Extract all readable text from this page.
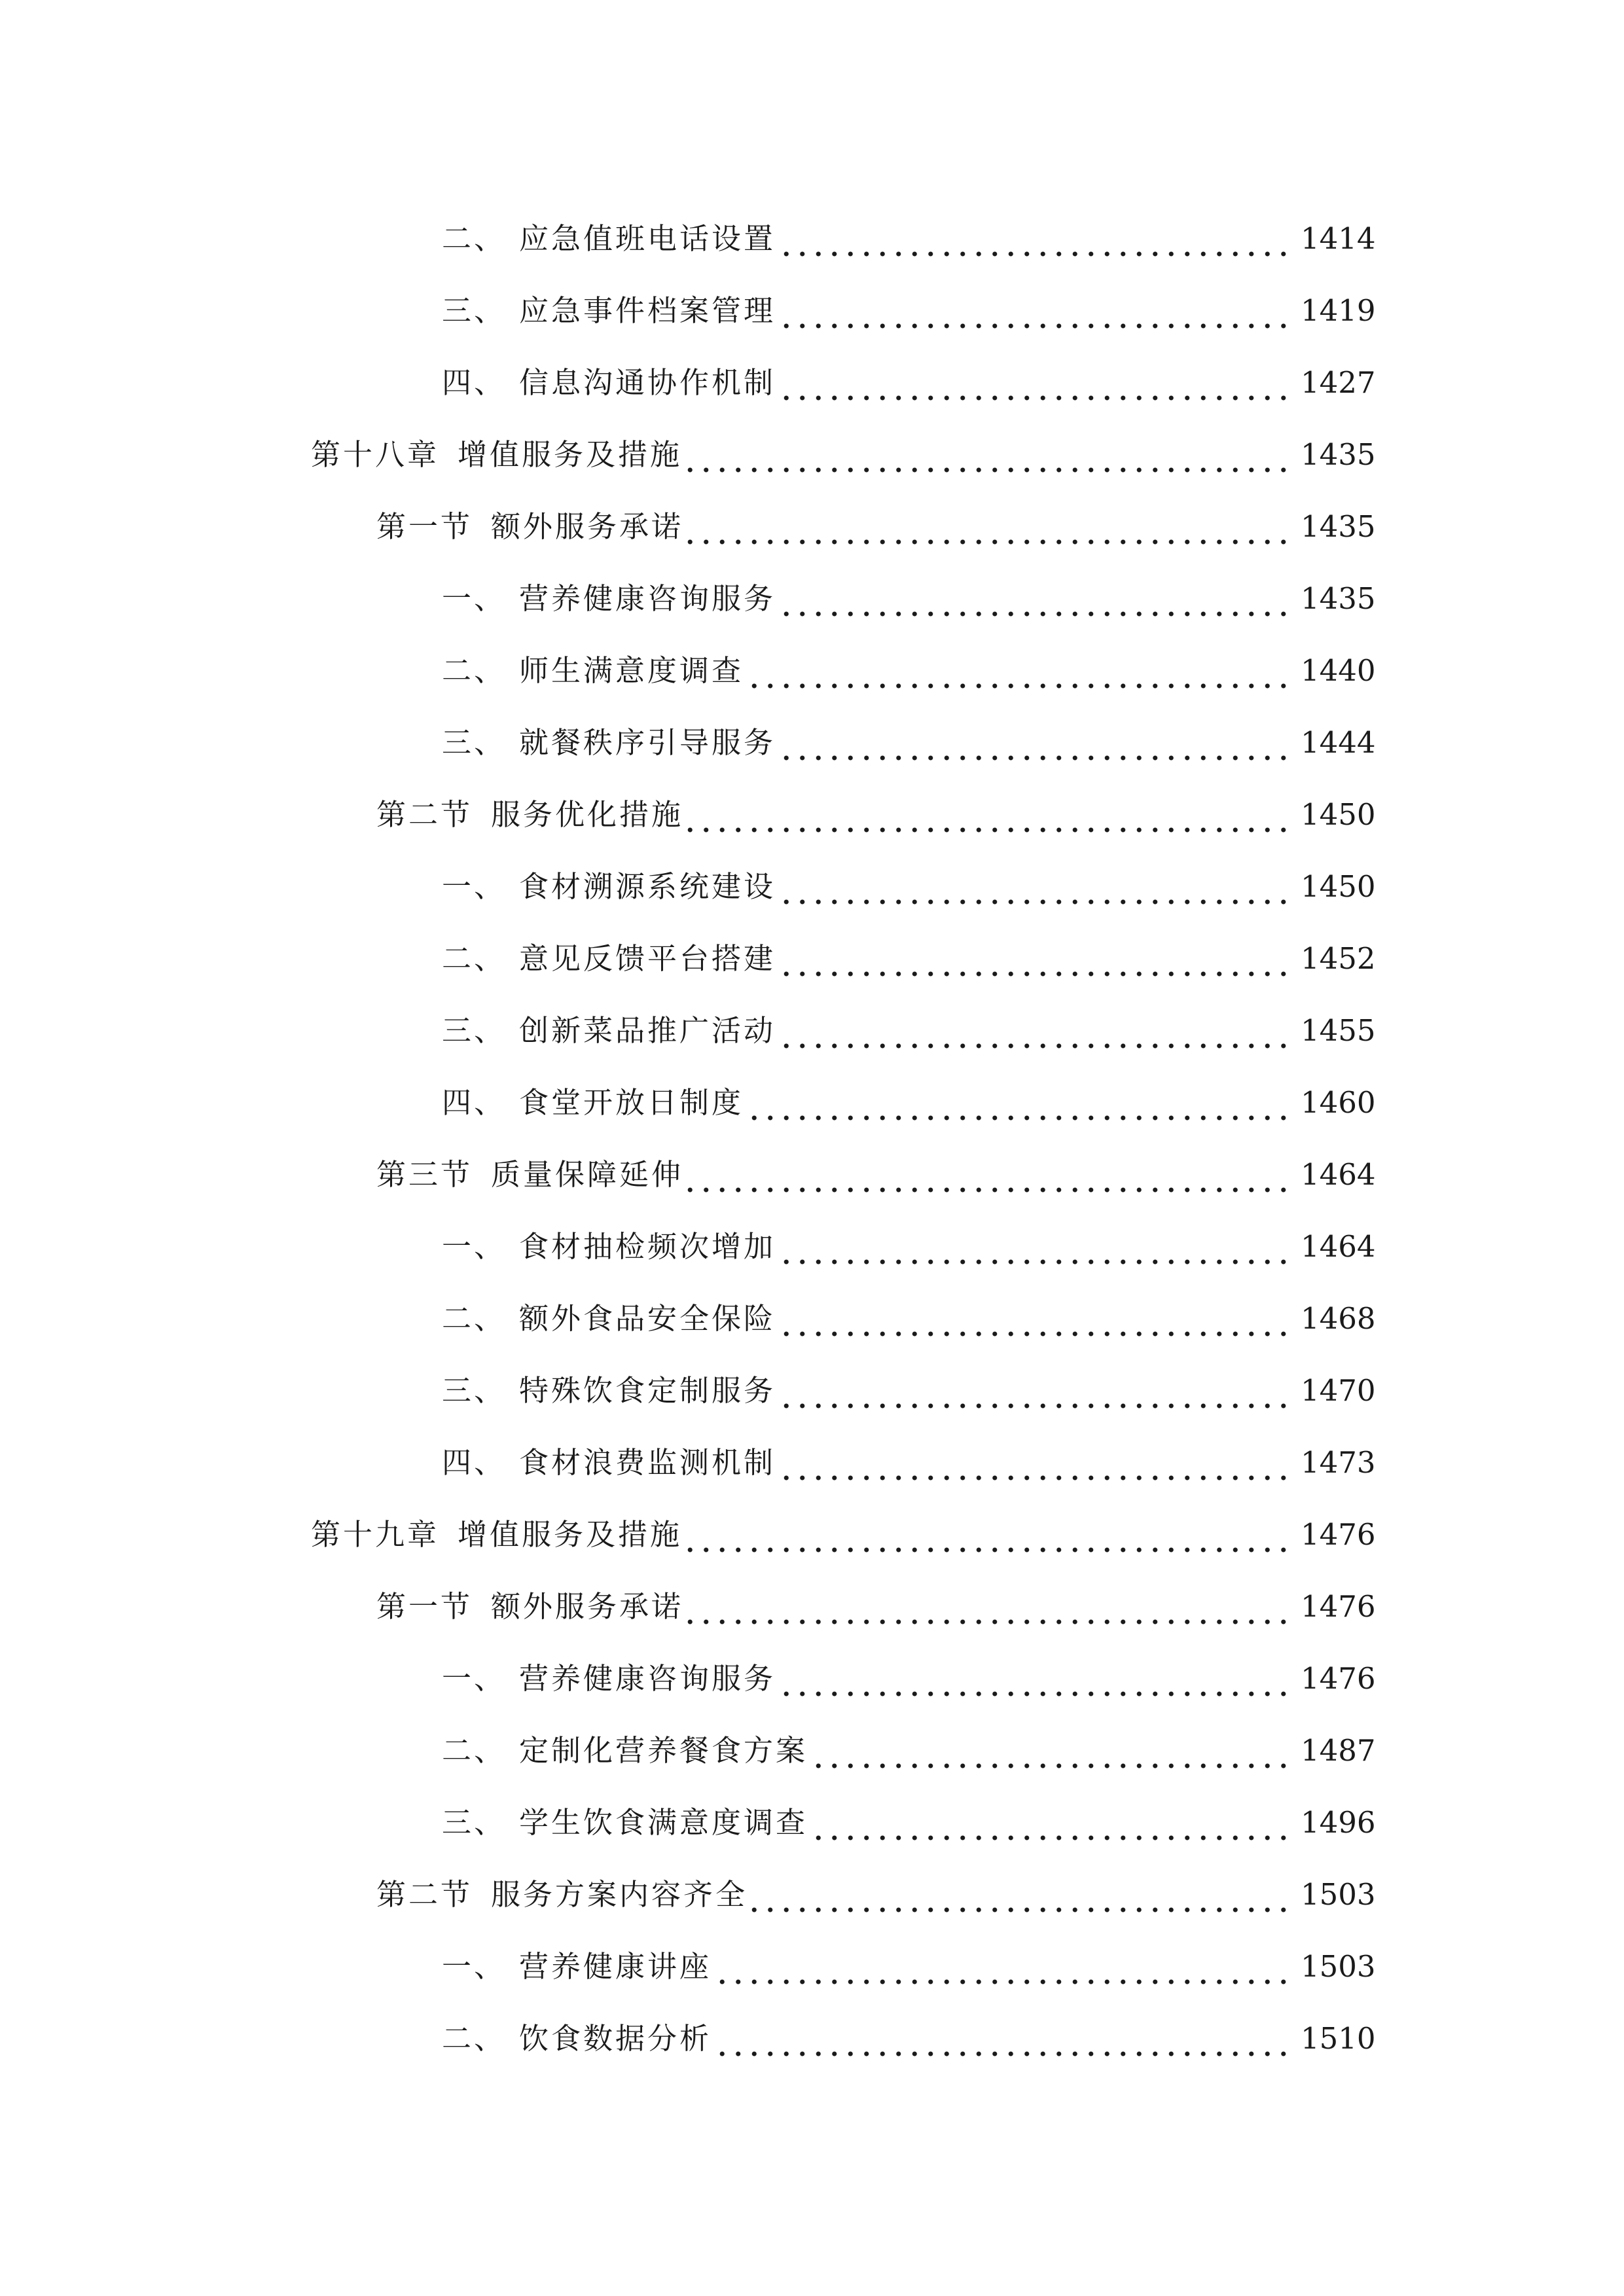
二、 应急值班电话设置	1414
三、 应急事件档案管理	1419
四、 信息沟通协作机制	1427
第十八章 增值服务及措施	1435
第一节 额外服务承诺	1435
一、 营养健康咨询服务	1435
二、 师生满意度调查	1440
三、 就餐秩序引导服务	1444
第二节 服务优化措施	1450
一、 食材溯源系统建设	1450
二、 意见反馈平台搭建	1452
三、 创新菜品推广活动	1455
四、 食堂开放日制度	1460
第三节 质量保障延伸	1464
一、 食材抽检频次增加	1464
二、 额外食品安全保险	1468
三、 特殊饮食定制服务	1470
四、 食材浪费监测机制	1473
第十九章 增值服务及措施	1476
第一节 额外服务承诺	1476
一、 营养健康咨询服务	1476
二、 定制化营养餐食方案	1487
三、 学生饮食满意度调查	1496
第二节 服务方案内容齐全	1503
一、 营养健康讲座	1503
二、 饮食数据分析	1510
